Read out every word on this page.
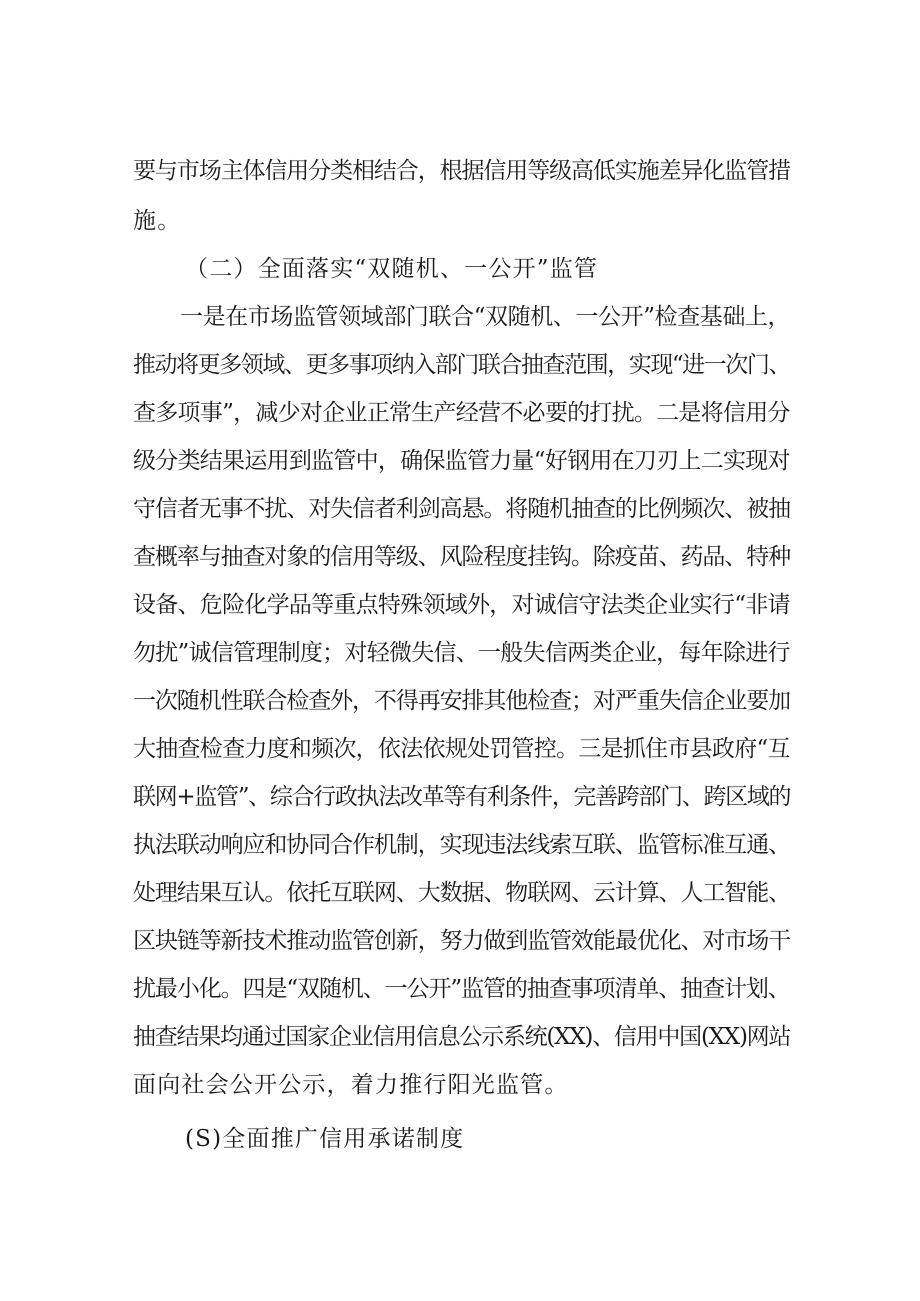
要与市场主体信用分类相结合，根据信用等级高低实施差异化监管措
施。
（二）全面落实“双随机、一公开”监管
一是在市场监管领域部门联合“双随机、一公开”检查基础上，
推动将更多领域、更多事项纳入部门联合抽查范围，实现“进一次门、
查多项事”，减少对企业正常生产经营不必要的打扰。二是将信用分
级分类结果运用到监管中，确保监管力量“好钢用在刀刃上二实现对
守信者无事不扰、对失信者利剑高悬。将随机抽查的比例频次、被抽
查概率与抽查对象的信用等级、风险程度挂钩。除疫苗、药品、特种
设备、危险化学品等重点特殊领域外，对诚信守法类企业实行“非请
勿扰”诚信管理制度；对轻微失信、一般失信两类企业，每年除进行
一次随机性联合检查外，不得再安排其他检查；对严重失信企业要加
大抽查检查力度和频次，依法依规处罚管控。三是抓住市县政府“互
联网+监管”、综合行政执法改革等有利条件，完善跨部门、跨区域的
执法联动响应和协同合作机制，实现违法线索互联、监管标准互通、
处理结果互认。依托互联网、大数据、物联网、云计算、人工智能、
区块链等新技术推动监管创新，努力做到监管效能最优化、对市场干
扰最小化。四是“双随机、一公开”监管的抽查事项清单、抽查计划、
抽查结果均通过国家企业信用信息公示系统(XX)、信用中国(XX)网站
面向社会公开公示，着力推行阳光监管。
(S)全面推广信用承诺制度
